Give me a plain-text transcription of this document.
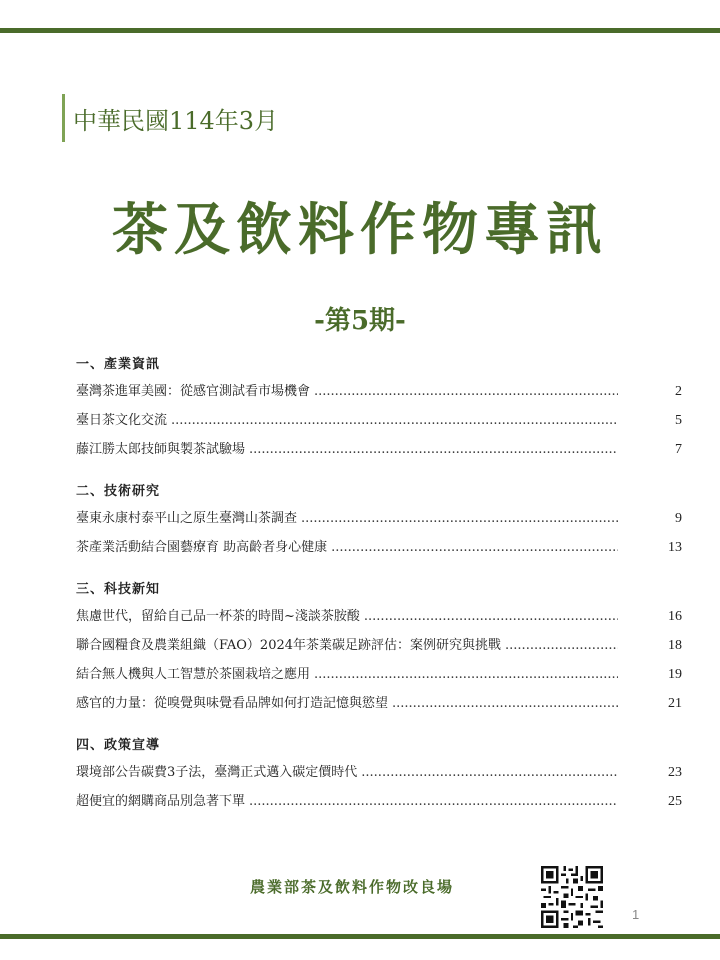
中華民國114年3月
茶及飲料作物專訊
-第5期-
一、產業資訊
臺灣茶進軍美國：從感官測試看市場機會 .....	2
臺日茶文化交流 .....	5
藤江勝太郎技師與製茶試驗場 .....	7
二、技術研究
臺東永康村泰平山之原生臺灣山茶調查 .....	9
茶產業活動結合園藝療育 助高齡者身心健康 .....	13
三、科技新知
焦慮世代，留給自己品一杯茶的時間~淺談茶胺酸 .....	16
聯合國糧食及農業組織（FAO）2024年茶業碳足跡評估：案例研究與挑戰 .....	18
結合無人機與人工智慧於茶園栽培之應用 .....	19
感官的力量：從嗅覺與味覺看品牌如何打造記憶與慾望 .....	21
四、政策宣導
環境部公告碳費3子法，臺灣正式邁入碳定價時代 .....	23
超便宜的網購商品別急著下單 .....	25
農業部茶及飲料作物改良場
1
